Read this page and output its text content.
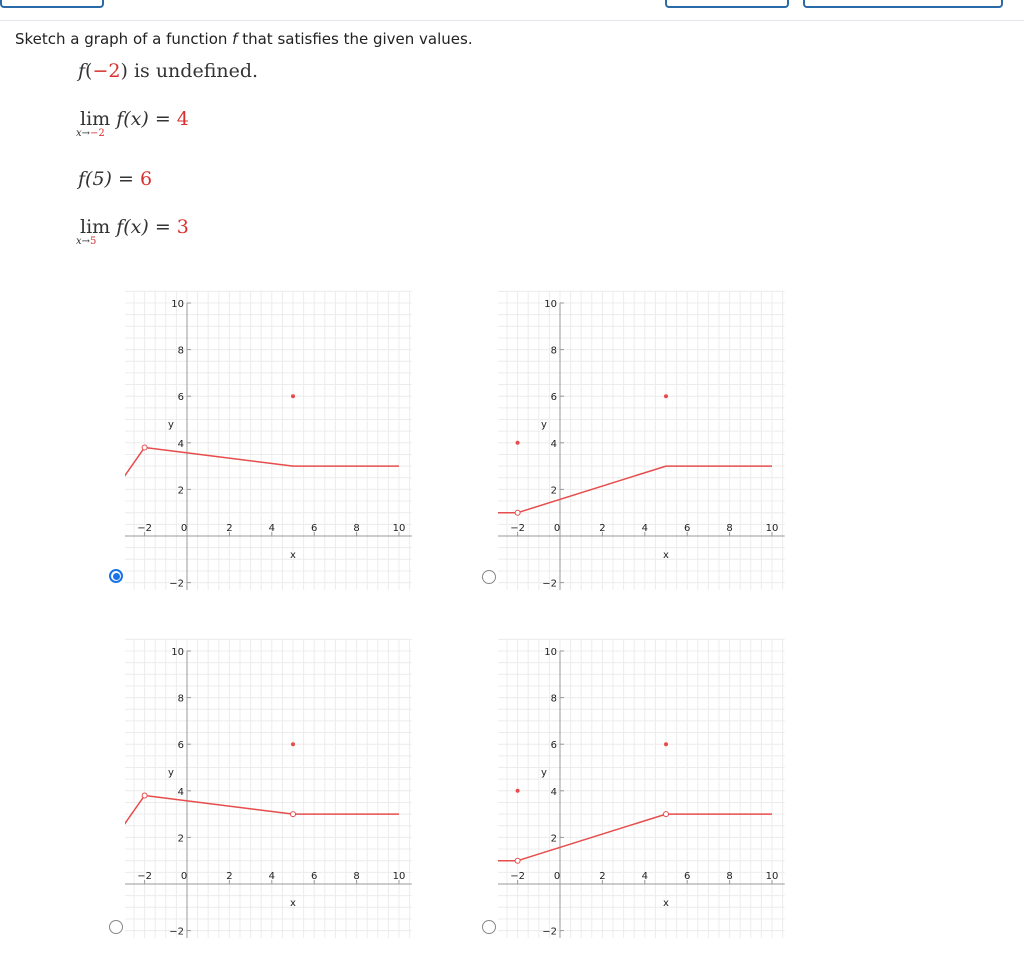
Sketch a graph of a function f that satisfies the given values.
f(−2) is undefined.
lim f(x) = 4
x→−2
f(5) = 6
lim f(x) = 3
x→5
−2	0	2	4	6	8	10
10
8
6
4
2
−2
x
y
−2	0	2	4	6	8	10
10
8
6
4
2
−2
x
y
−2	0	2	4	6	8	10
10
8
6
4
2
−2
x
y
−2	0	2	4	6	8	10
10
8
6
4
2
−2
x
y
